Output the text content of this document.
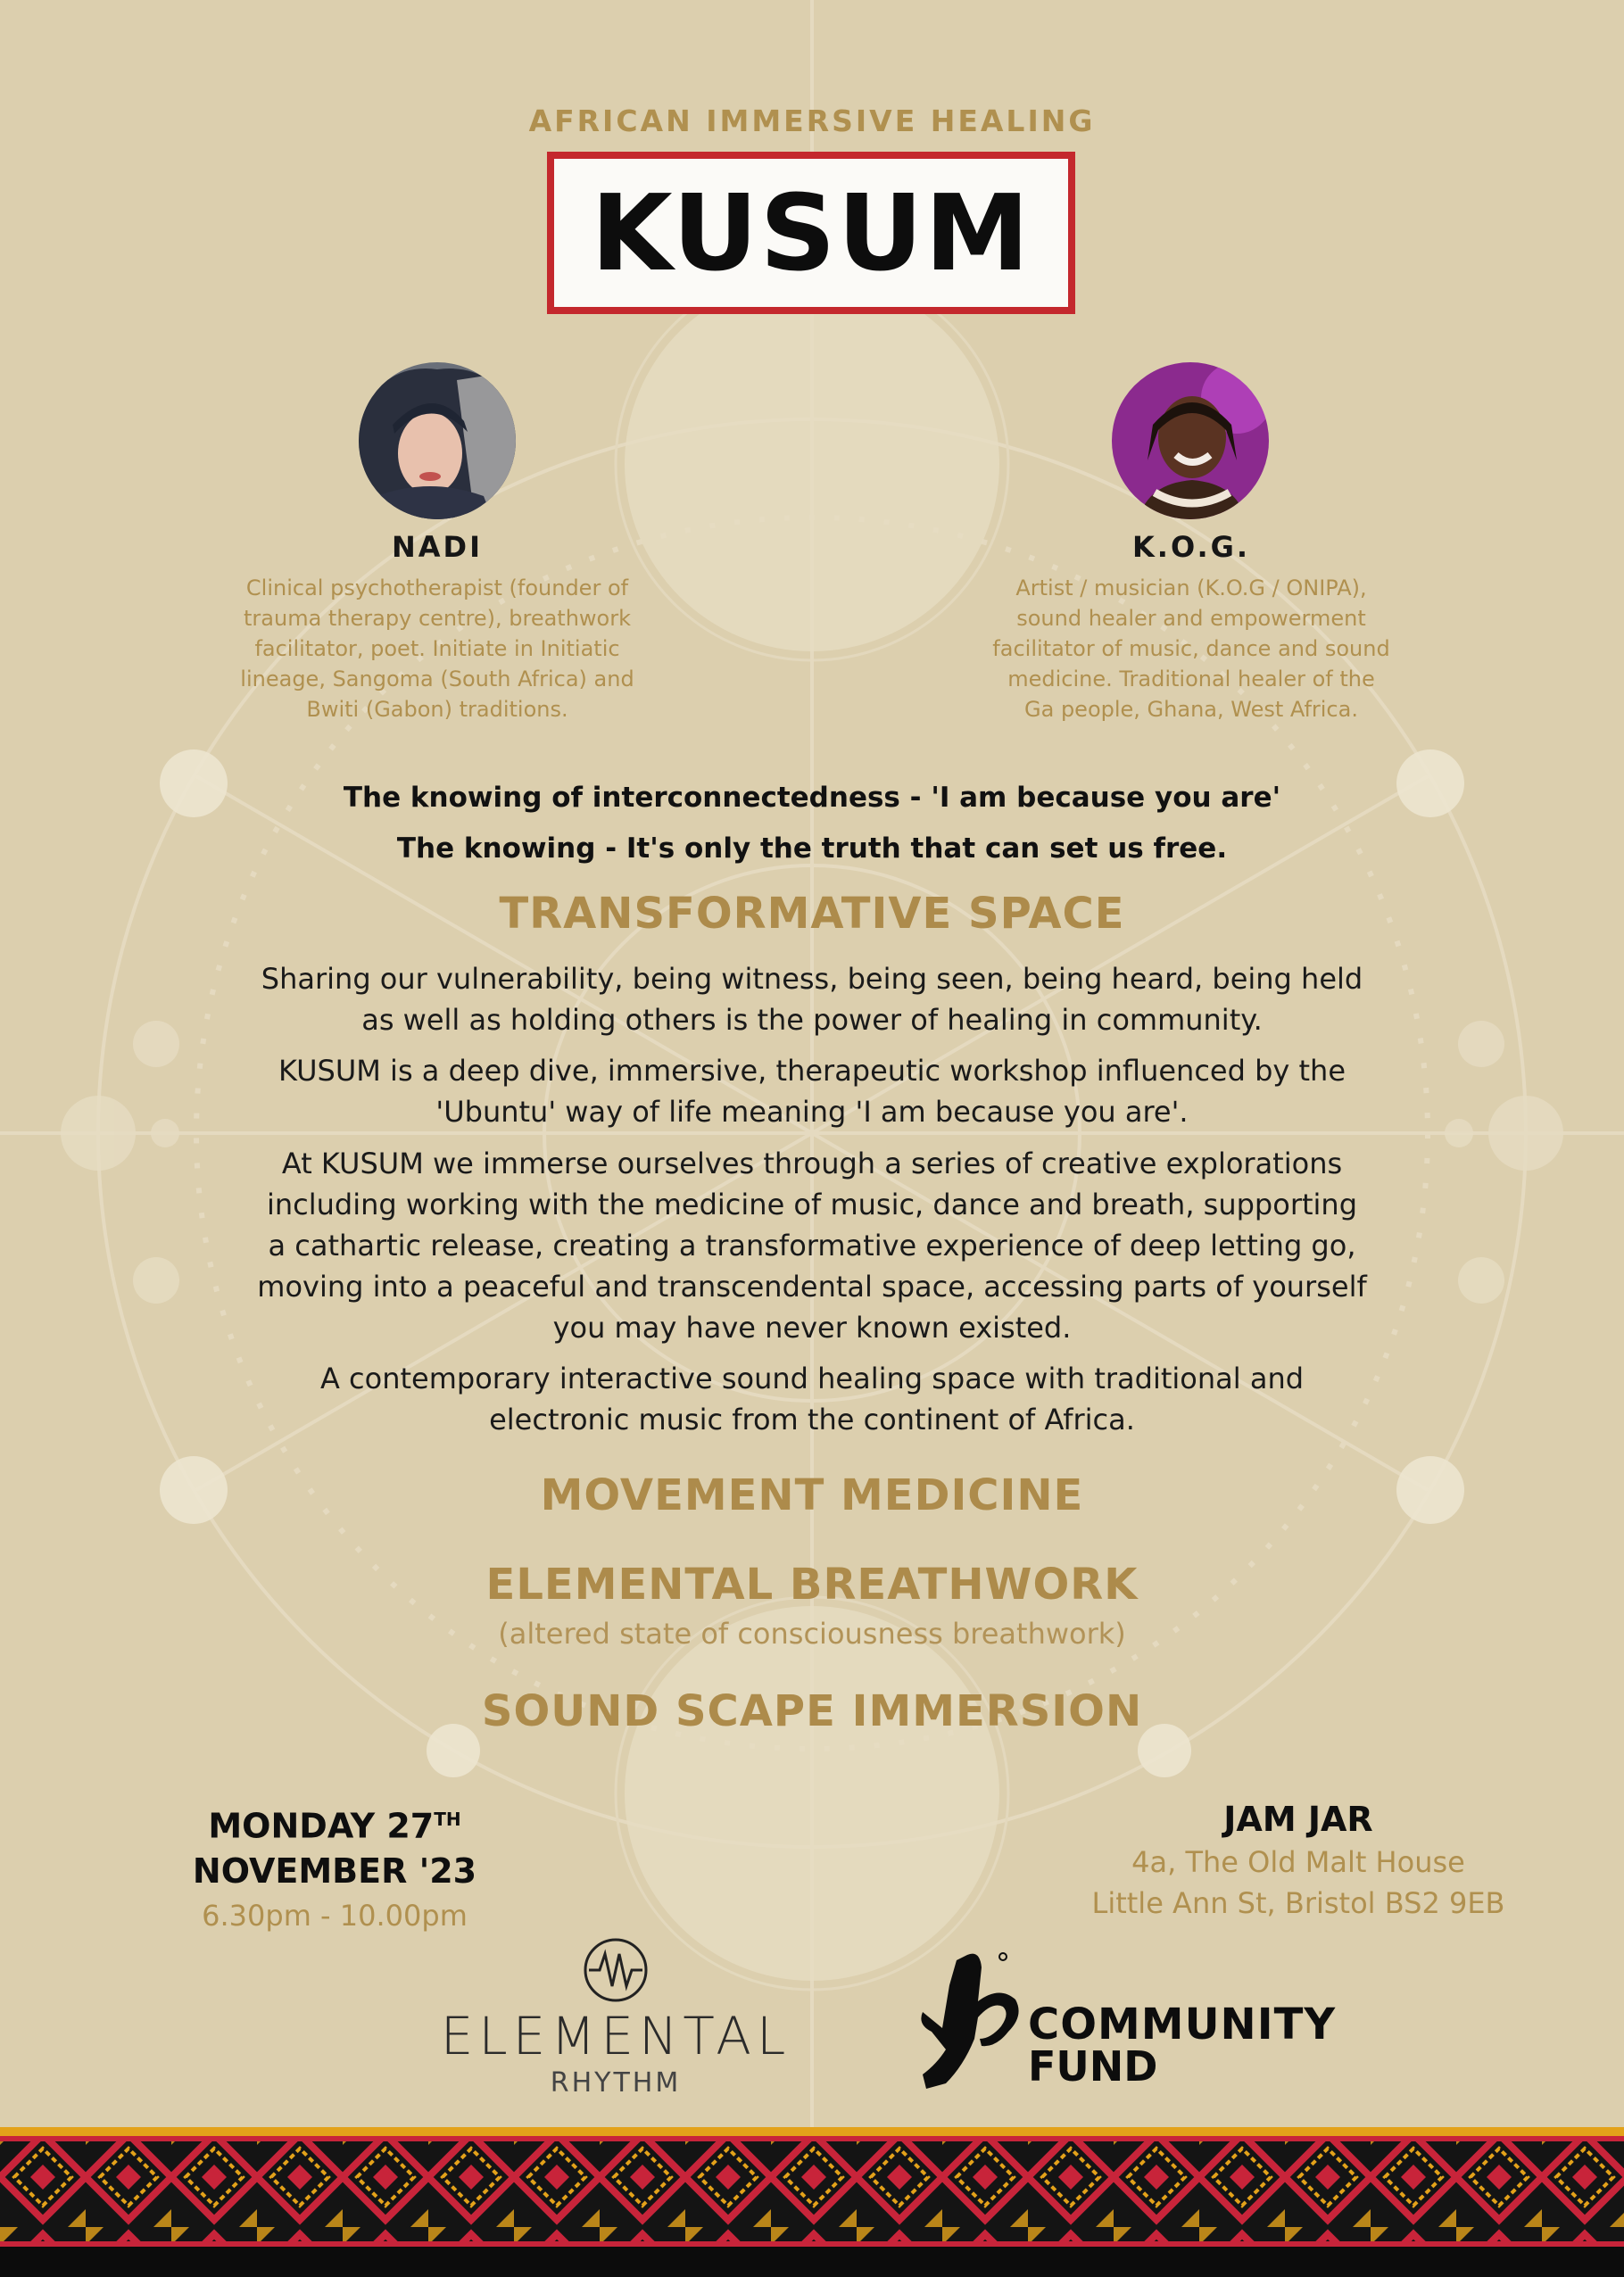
AFRICAN IMMERSIVE HEALING
KUSUM
NADI
Clinical psychotherapist (founder of
trauma therapy centre), breathwork
facilitator, poet. Initiate in Initiatic
lineage, Sangoma (South Africa) and
Bwiti (Gabon) traditions.
K.O.G.
Artist / musician (K.O.G / ONIPA),
sound healer and empowerment
facilitator of music, dance and sound
medicine. Traditional healer of the
Ga people, Ghana, West Africa.
The knowing of interconnectedness - 'I am because you are'
The knowing - It's only the truth that can set us free.
TRANSFORMATIVE SPACE
Sharing our vulnerability, being witness, being seen, being heard, being held
as well as holding others is the power of healing in community.
KUSUM is a deep dive, immersive, therapeutic workshop influenced by the
'Ubuntu' way of life meaning 'I am because you are'.
At KUSUM we immerse ourselves through a series of creative explorations
including working with the medicine of music, dance and breath, supporting
a cathartic release, creating a transformative experience of deep letting go,
moving into a peaceful and transcendental space, accessing parts of yourself
you may have never known existed.
A contemporary interactive sound healing space with traditional and
electronic music from the continent of Africa.
MOVEMENT MEDICINE
ELEMENTAL BREATHWORK
(altered state of consciousness breathwork)
SOUND SCAPE IMMERSION
MONDAY 27TH
NOVEMBER '23
6.30pm - 10.00pm
JAM JAR
4a, The Old Malt House
Little Ann St, Bristol BS2 9EB
ELEMENTAL
RHYTHM
COMMUNITY
FUND
